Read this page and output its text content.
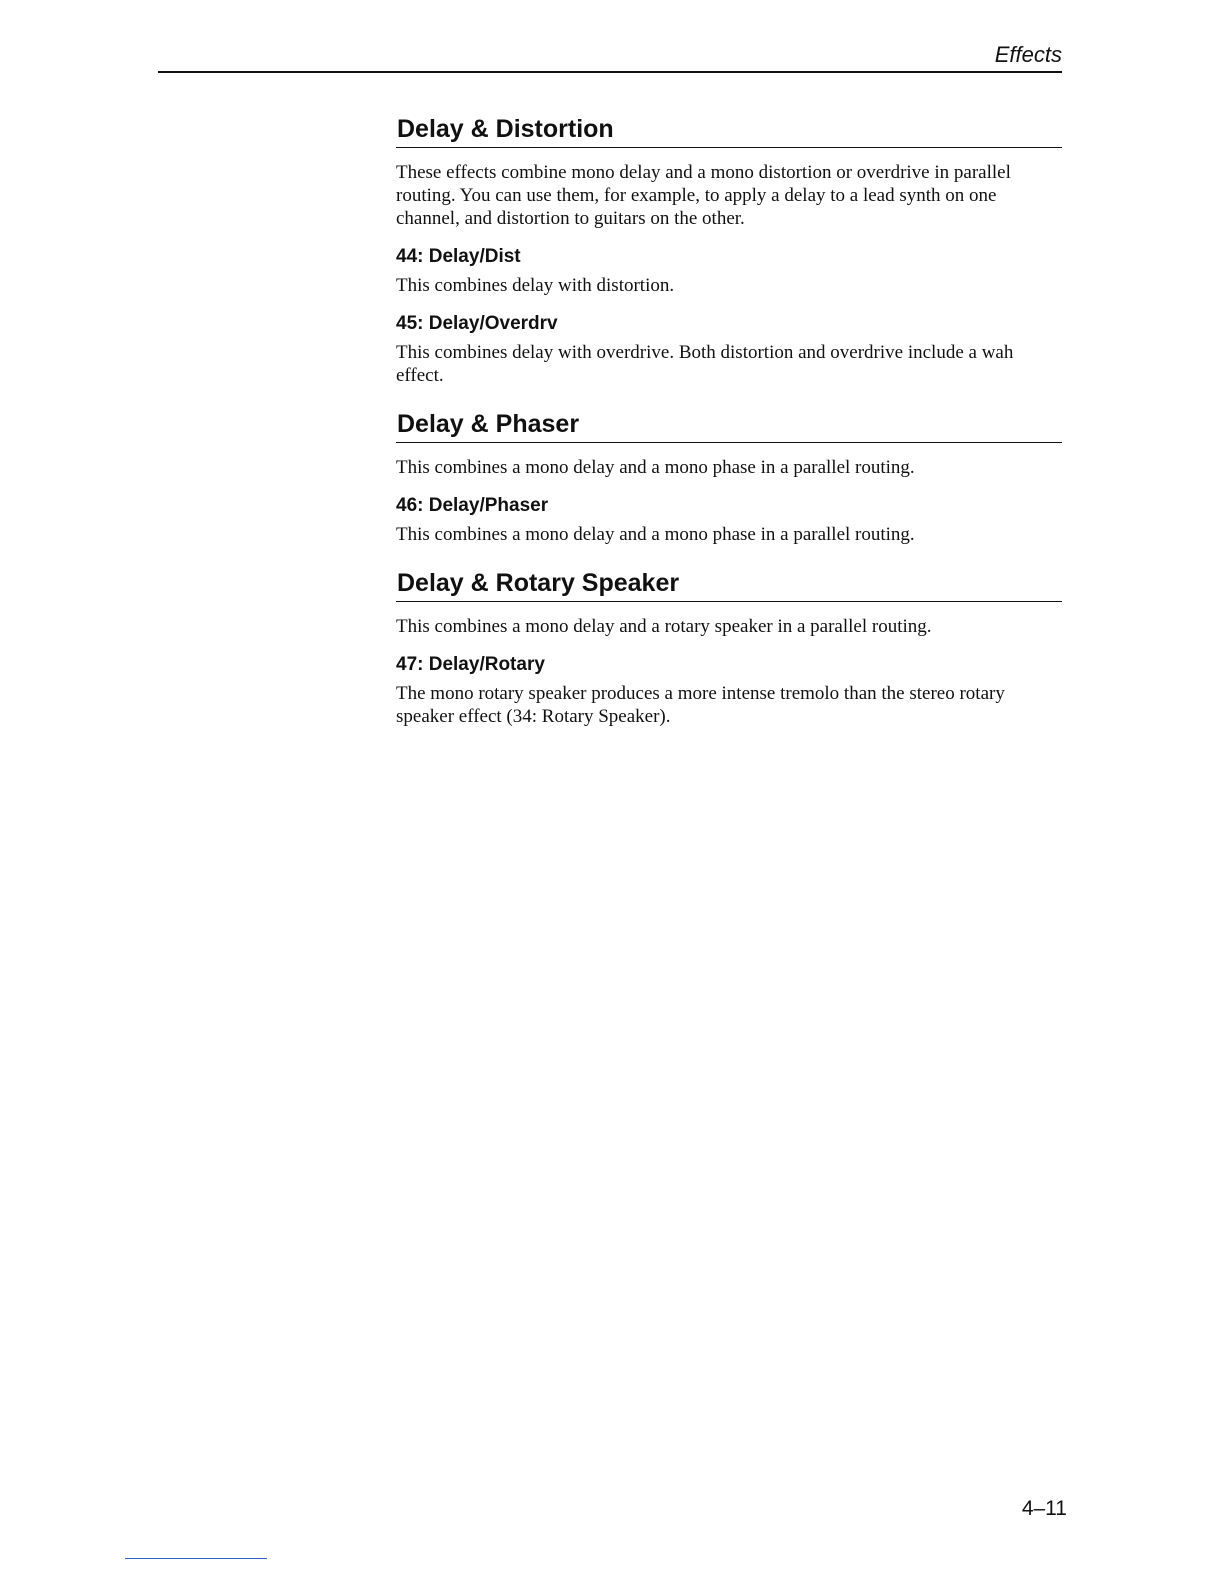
Effects
Delay & Distortion

These effects combine mono delay and a mono distortion or overdrive in parallel routing. You can use them, for example, to apply a delay to a lead synth on one channel, and distortion to guitars on the other.

44: Delay/Dist

This combines delay with distortion.

45: Delay/Overdrv

This combines delay with overdrive. Both distortion and overdrive include a wah effect.

Delay & Phaser

This combines a mono delay and a mono phase in a parallel routing.

46: Delay/Phaser

This combines a mono delay and a mono phase in a parallel routing.

Delay & Rotary Speaker

This combines a mono delay and a rotary speaker in a parallel routing.

47: Delay/Rotary

The mono rotary speaker produces a more intense tremolo than the stereo rotary speaker effect (34: Rotary Speaker).

4–11
